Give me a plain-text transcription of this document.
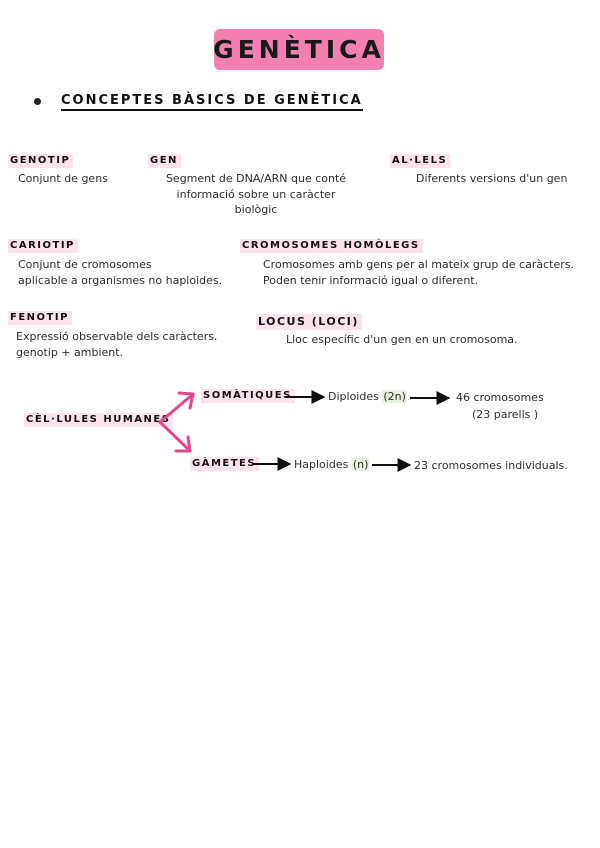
GENÈTICA
CONCEPTES BÀSICS DE GENÈTICA
GENOTIP
Conjunt de gens
GEN
Segment de DNA/ARN que conté
informació sobre un caràcter
biològic
AL·LELS
Diferents versions d'un gen
CARIOTIP
Conjunt de cromosomes
aplicable a organismes no haploides.
CROMOSOMES HOMÒLEGS
Cromosomes amb gens per al mateix grup de caràcters.
Poden tenir informació igual o diferent.
FENOTIP
Expressió observable dels caràcters.
genotip + ambient.
LOCUS (LOCI)
Lloc específic d'un gen en un cromosoma.
CÈL·LULES HUMANES
SOMÀTIQUES	Diploides (2n)	46 cromosomes
(23 parells )
GÀMETES	Haploides (n)	23 cromosomes individuals.
